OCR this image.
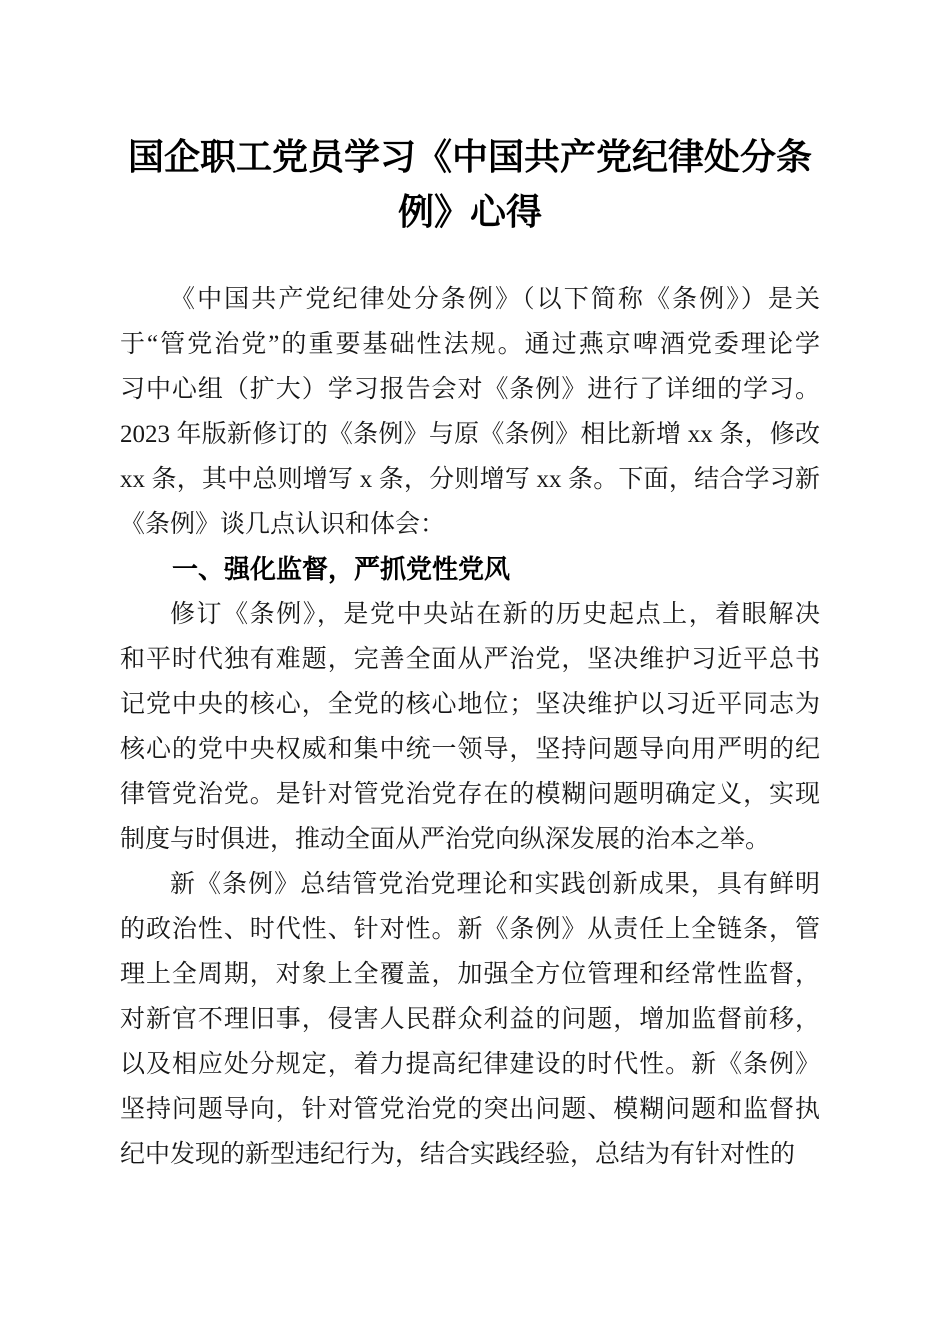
国企职工党员学习《中国共产党纪律处分条例》心得
《中国共产党纪律处分条例》（以下简称《条例》）是关
于“管党治党”的重要基础性法规。通过燕京啤酒党委理论学
习中心组（扩大）学习报告会对《条例》进行了详细的学习。
2023 年版新修订的《条例》与原《条例》相比新增 xx 条，修改
xx 条，其中总则增写 x 条，分则增写 xx 条。下面，结合学习新
《条例》谈几点认识和体会：
一、强化监督，严抓党性党风
修订《条例》，是党中央站在新的历史起点上，着眼解决
和平时代独有难题，完善全面从严治党，坚决维护习近平总书
记党中央的核心，全党的核心地位；坚决维护以习近平同志为
核心的党中央权威和集中统一领导，坚持问题导向用严明的纪
律管党治党。是针对管党治党存在的模糊问题明确定义，实现
制度与时俱进，推动全面从严治党向纵深发展的治本之举。
新《条例》总结管党治党理论和实践创新成果，具有鲜明
的政治性、时代性、针对性。新《条例》从责任上全链条，管
理上全周期，对象上全覆盖，加强全方位管理和经常性监督，
对新官不理旧事，侵害人民群众利益的问题，增加监督前移，
以及相应处分规定，着力提高纪律建设的时代性。新《条例》
坚持问题导向，针对管党治党的突出问题、模糊问题和监督执
纪中发现的新型违纪行为，结合实践经验，总结为有针对性的
